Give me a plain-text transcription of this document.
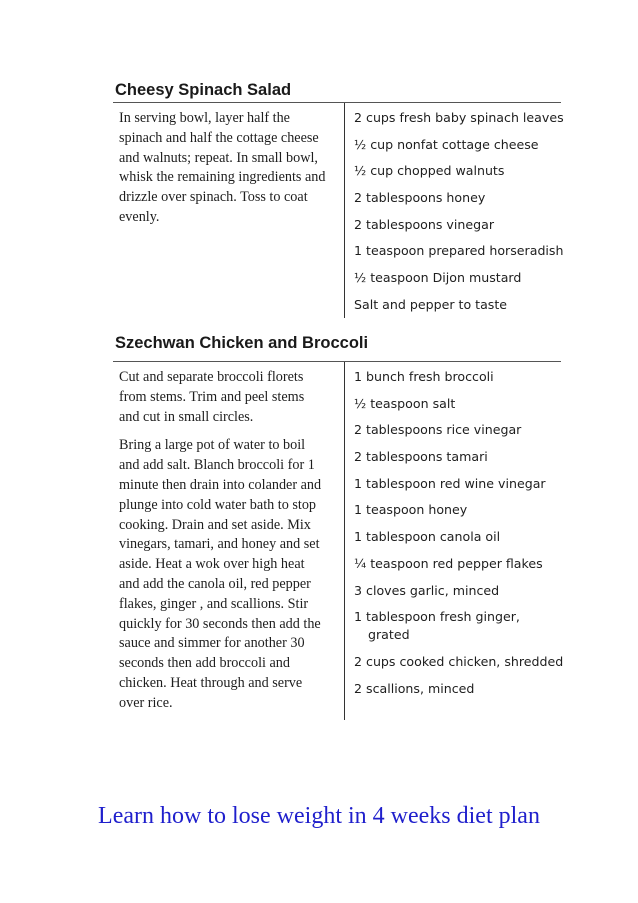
Cheesy Spinach Salad

In serving bowl, layer half the spinach and half the cottage cheese and walnuts; repeat. In small bowl, whisk the remaining ingredients and drizzle over spinach. Toss to coat evenly.

2 cups fresh baby spinach leaves
½ cup nonfat cottage cheese
½ cup chopped walnuts
2 tablespoons honey
2 tablespoons vinegar
1 teaspoon prepared horseradish
½ teaspoon Dijon mustard
Salt and pepper to taste
Szechwan Chicken and Broccoli

Cut and separate broccoli florets from stems. Trim and peel stems and cut in small circles.

Bring a large pot of water to boil and add salt. Blanch broccoli for 1 minute then drain into colander and plunge into cold water bath to stop cooking. Drain and set aside. Mix vinegars, tamari, and honey and set aside. Heat a wok over high heat and add the canola oil, red pepper flakes, ginger , and scallions. Stir quickly for 30 seconds then add the sauce and simmer for another 30 seconds then add broccoli and chicken. Heat through and serve over rice.

1 bunch fresh broccoli
½ teaspoon salt
2 tablespoons rice vinegar
2 tablespoons tamari
1 tablespoon red wine vinegar
1 teaspoon honey
1 tablespoon canola oil
¼ teaspoon red pepper flakes
3 cloves garlic, minced
1 tablespoon fresh ginger, grated
2 cups cooked chicken, shredded
2 scallions, minced
Learn how to lose weight in 4 weeks diet plan
